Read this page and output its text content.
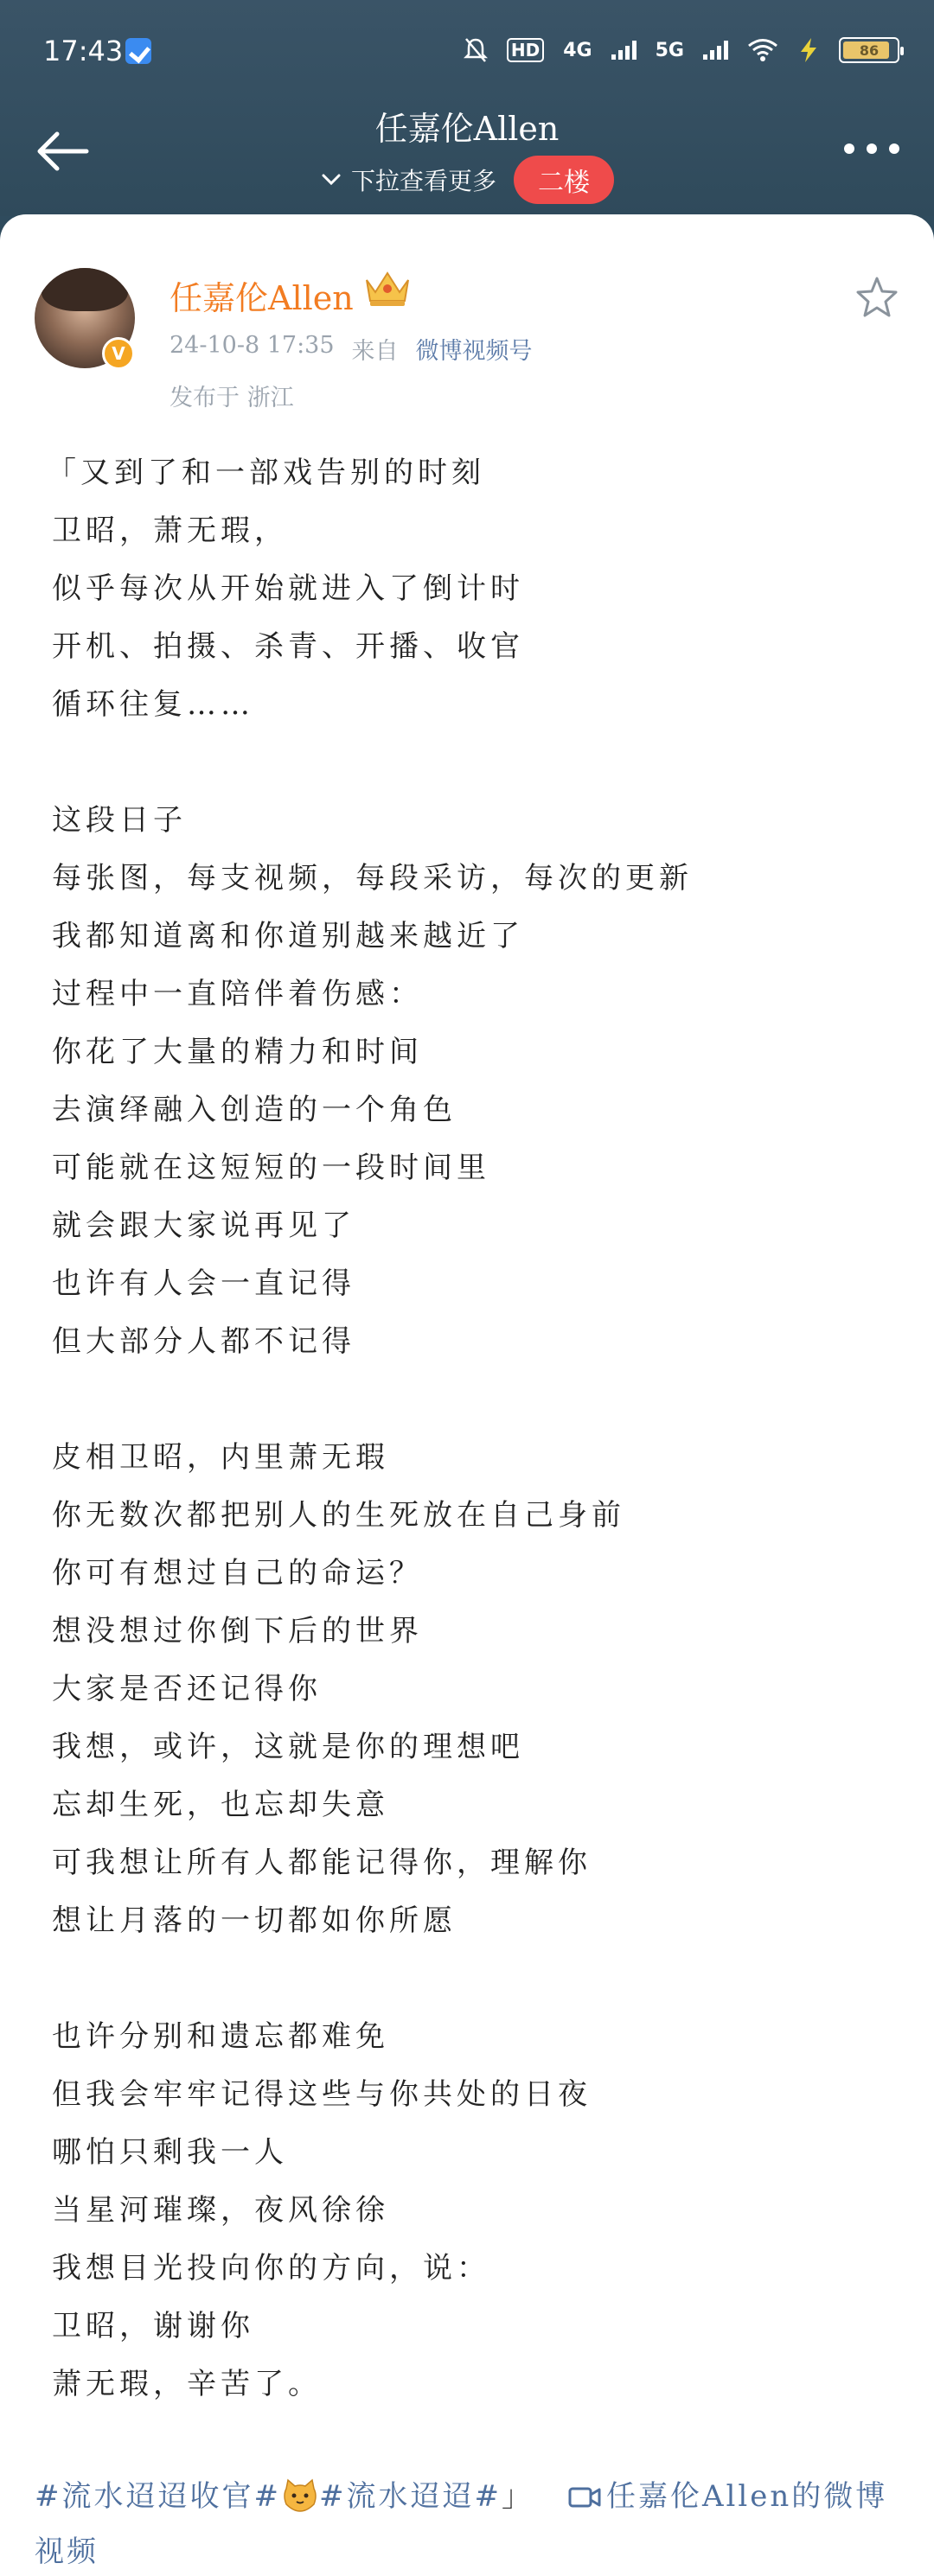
17:43	HD 4G	5G	86
任嘉伦Allen
下拉查看更多	二楼
V
任嘉伦Allen
24-10-8 17:35 来自 微博视频号
发布于 浙江
「又到了和一部戏告别的时刻
卫昭，萧无瑕，
似乎每次从开始就进入了倒计时
开机、拍摄、杀青、开播、收官
循环往复……
这段日子
每张图，每支视频，每段采访，每次的更新
我都知道离和你道别越来越近了
过程中一直陪伴着伤感：
你花了大量的精力和时间
去演绎融入创造的一个角色
可能就在这短短的一段时间里
就会跟大家说再见了
也许有人会一直记得
但大部分人都不记得
皮相卫昭，内里萧无瑕
你无数次都把别人的生死放在自己身前
你可有想过自己的命运？
想没想过你倒下后的世界
大家是否还记得你
我想，或许，这就是你的理想吧
忘却生死，也忘却失意
可我想让所有人都能记得你，理解你
想让月落的一切都如你所愿
也许分别和遗忘都难免
但我会牢牢记得这些与你共处的日夜
哪怕只剩我一人
当星河璀璨，夜风徐徐
我想目光投向你的方向，说：
卫昭，谢谢你
萧无瑕，辛苦了。
#流水迢迢收官# #流水迢迢#」 任嘉伦Allen的微博视频
